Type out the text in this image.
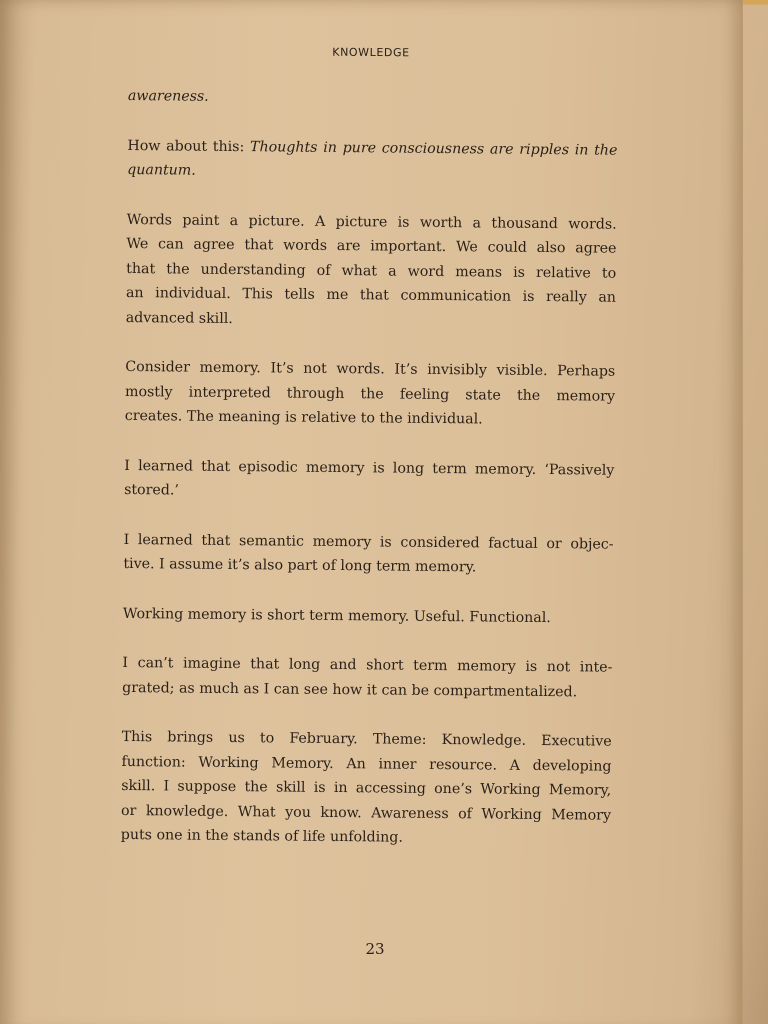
KNOWLEDGE

awareness.

How about this: Thoughts in pure consciousness are ripples in the
quantum.

Words paint a picture. A picture is worth a thousand words.
We can agree that words are important. We could also agree
that the understanding of what a word means is relative to
an individual. This tells me that communication is really an
advanced skill.

Consider memory. It’s not words. It’s invisibly visible. Perhaps
mostly interpreted through the feeling state the memory
creates. The meaning is relative to the individual.

I learned that episodic memory is long term memory. ‘Passively
stored.’

I learned that semantic memory is considered factual or objec-
tive. I assume it’s also part of long term memory.

Working memory is short term memory. Useful. Functional.

I can’t imagine that long and short term memory is not inte-
grated; as much as I can see how it can be compartmentalized.

This brings us to February. Theme: Knowledge. Executive
function: Working Memory. An inner resource. A developing
skill. I suppose the skill is in accessing one’s Working Memory,
or knowledge. What you know. Awareness of Working Memory
puts one in the stands of life unfolding.

23
